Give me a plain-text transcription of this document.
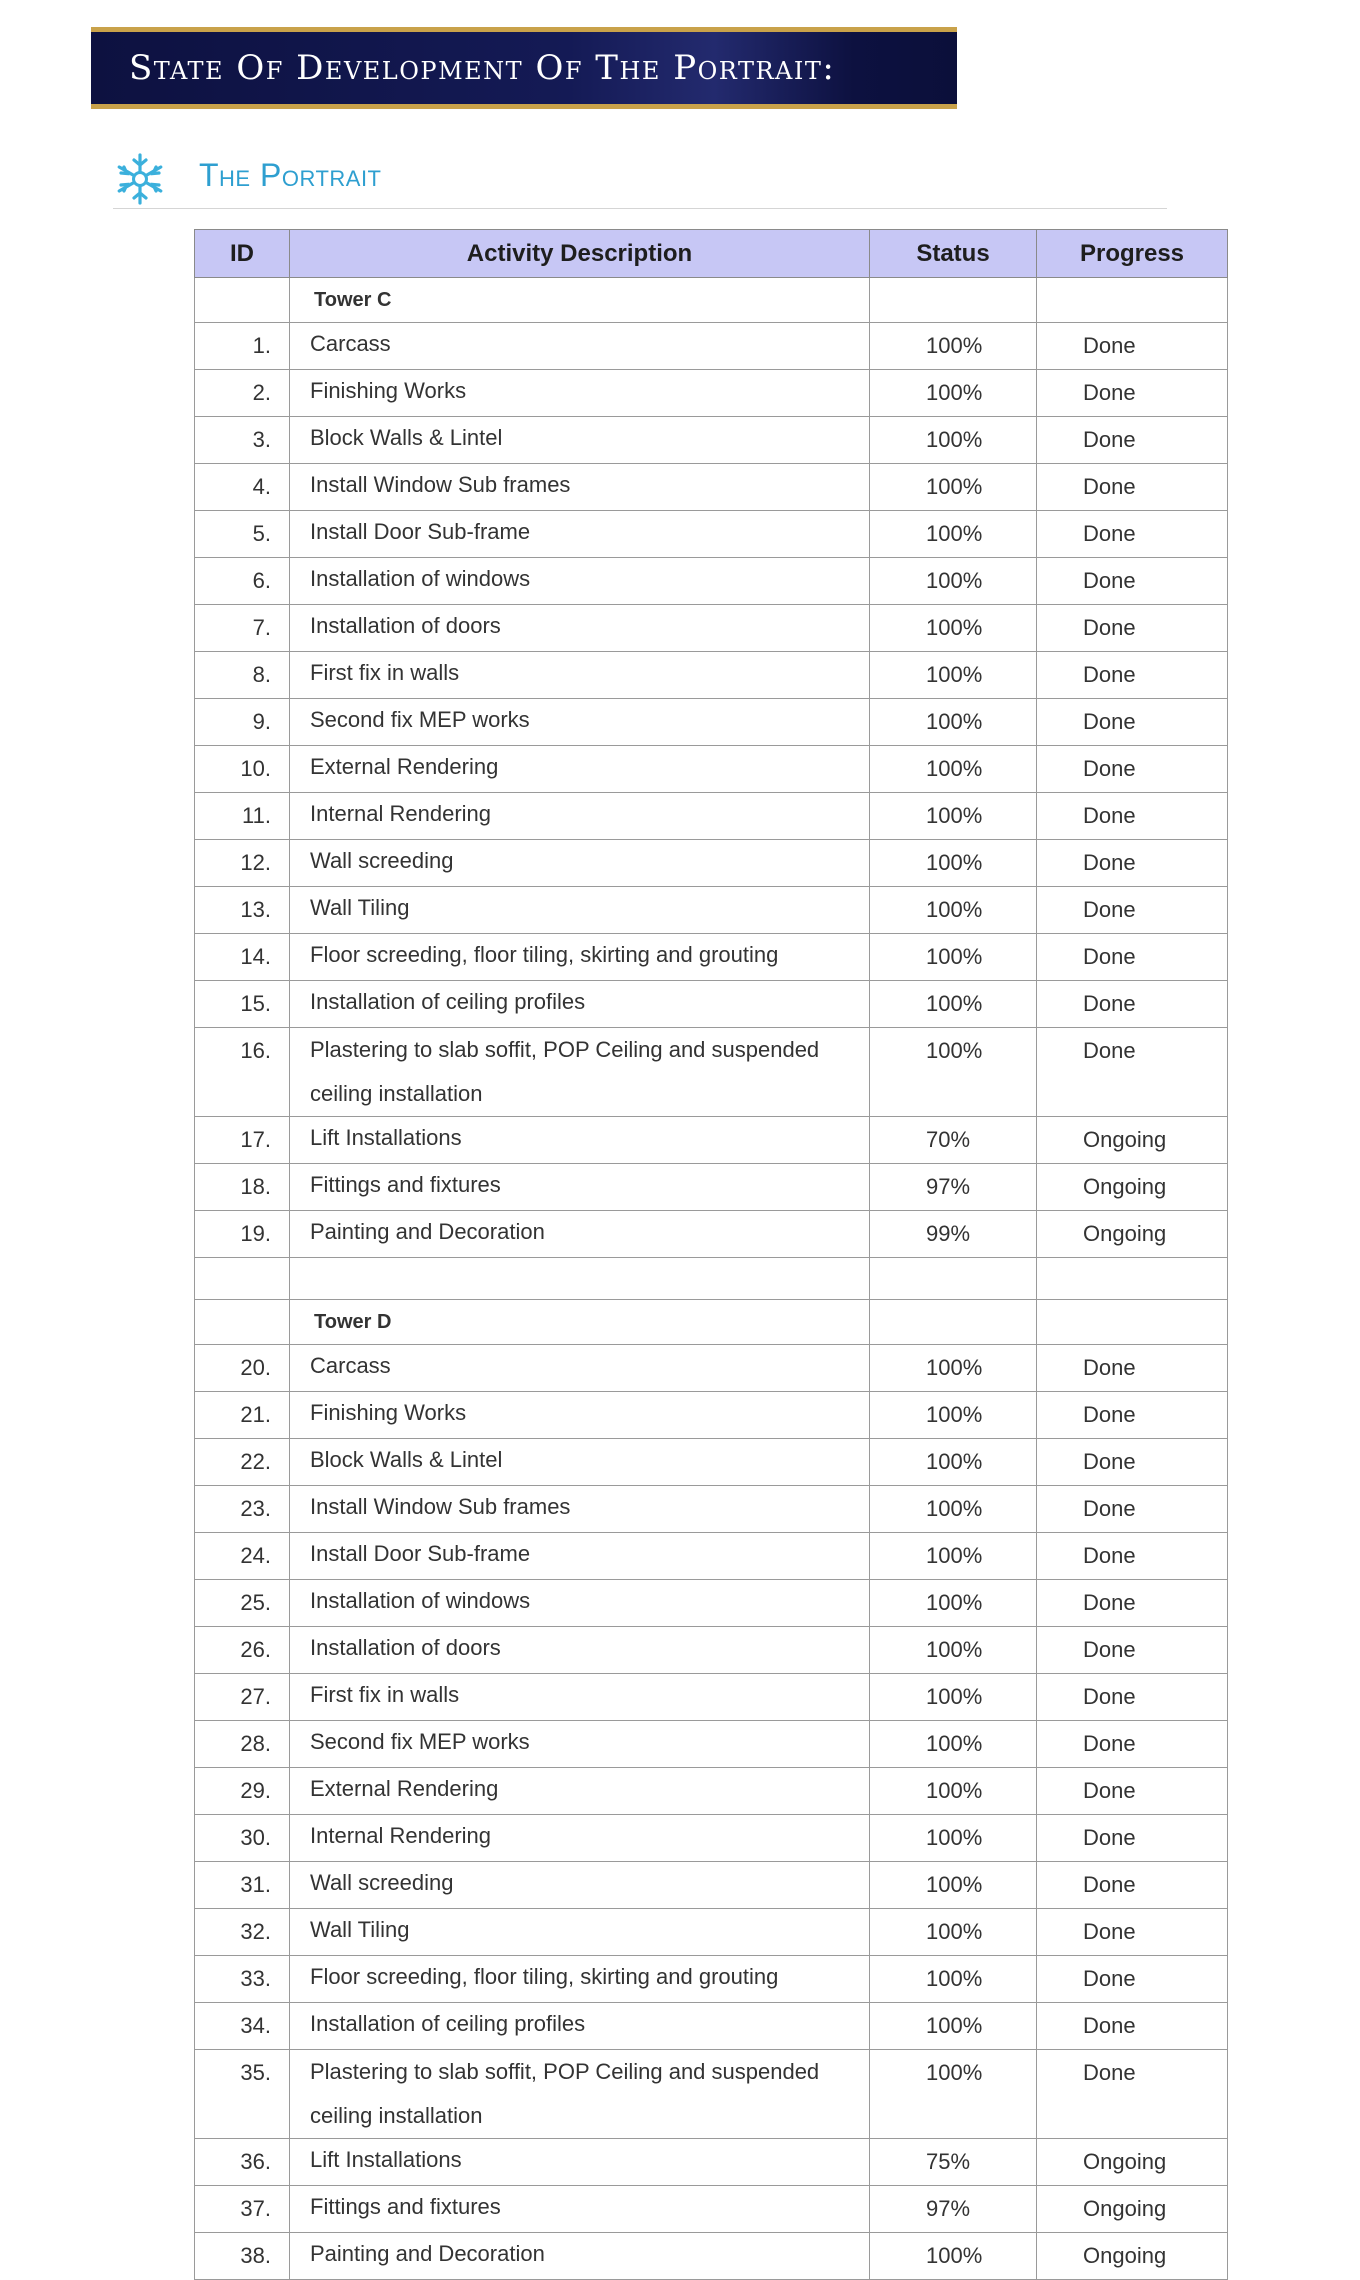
State Of Development Of The Portrait:
The Portrait
ID	Activity Description	Status	Progress
	Tower C		
1.	Carcass	100%	Done
2.	Finishing Works	100%	Done
3.	Block Walls & Lintel	100%	Done
4.	Install Window Sub frames	100%	Done
5.	Install Door Sub-frame	100%	Done
6.	Installation of windows	100%	Done
7.	Installation of doors	100%	Done
8.	First fix in walls	100%	Done
9.	Second fix MEP works	100%	Done
10.	External Rendering	100%	Done
11.	Internal Rendering	100%	Done
12.	Wall screeding	100%	Done
13.	Wall Tiling	100%	Done
14.	Floor screeding, floor tiling, skirting and grouting	100%	Done
15.	Installation of ceiling profiles	100%	Done
16.	Plastering to slab soffit, POP Ceiling and suspended ceiling installation	100%	Done
17.	Lift Installations	70%	Ongoing
18.	Fittings and fixtures	97%	Ongoing
19.	Painting and Decoration	99%	Ongoing

	Tower D		
20.	Carcass	100%	Done
21.	Finishing Works	100%	Done
22.	Block Walls & Lintel	100%	Done
23.	Install Window Sub frames	100%	Done
24.	Install Door Sub-frame	100%	Done
25.	Installation of windows	100%	Done
26.	Installation of doors	100%	Done
27.	First fix in walls	100%	Done
28.	Second fix MEP works	100%	Done
29.	External Rendering	100%	Done
30.	Internal Rendering	100%	Done
31.	Wall screeding	100%	Done
32.	Wall Tiling	100%	Done
33.	Floor screeding, floor tiling, skirting and grouting	100%	Done
34.	Installation of ceiling profiles	100%	Done
35.	Plastering to slab soffit, POP Ceiling and suspended ceiling installation	100%	Done
36.	Lift Installations	75%	Ongoing
37.	Fittings and fixtures	97%	Ongoing
38.	Painting and Decoration	100%	Ongoing
